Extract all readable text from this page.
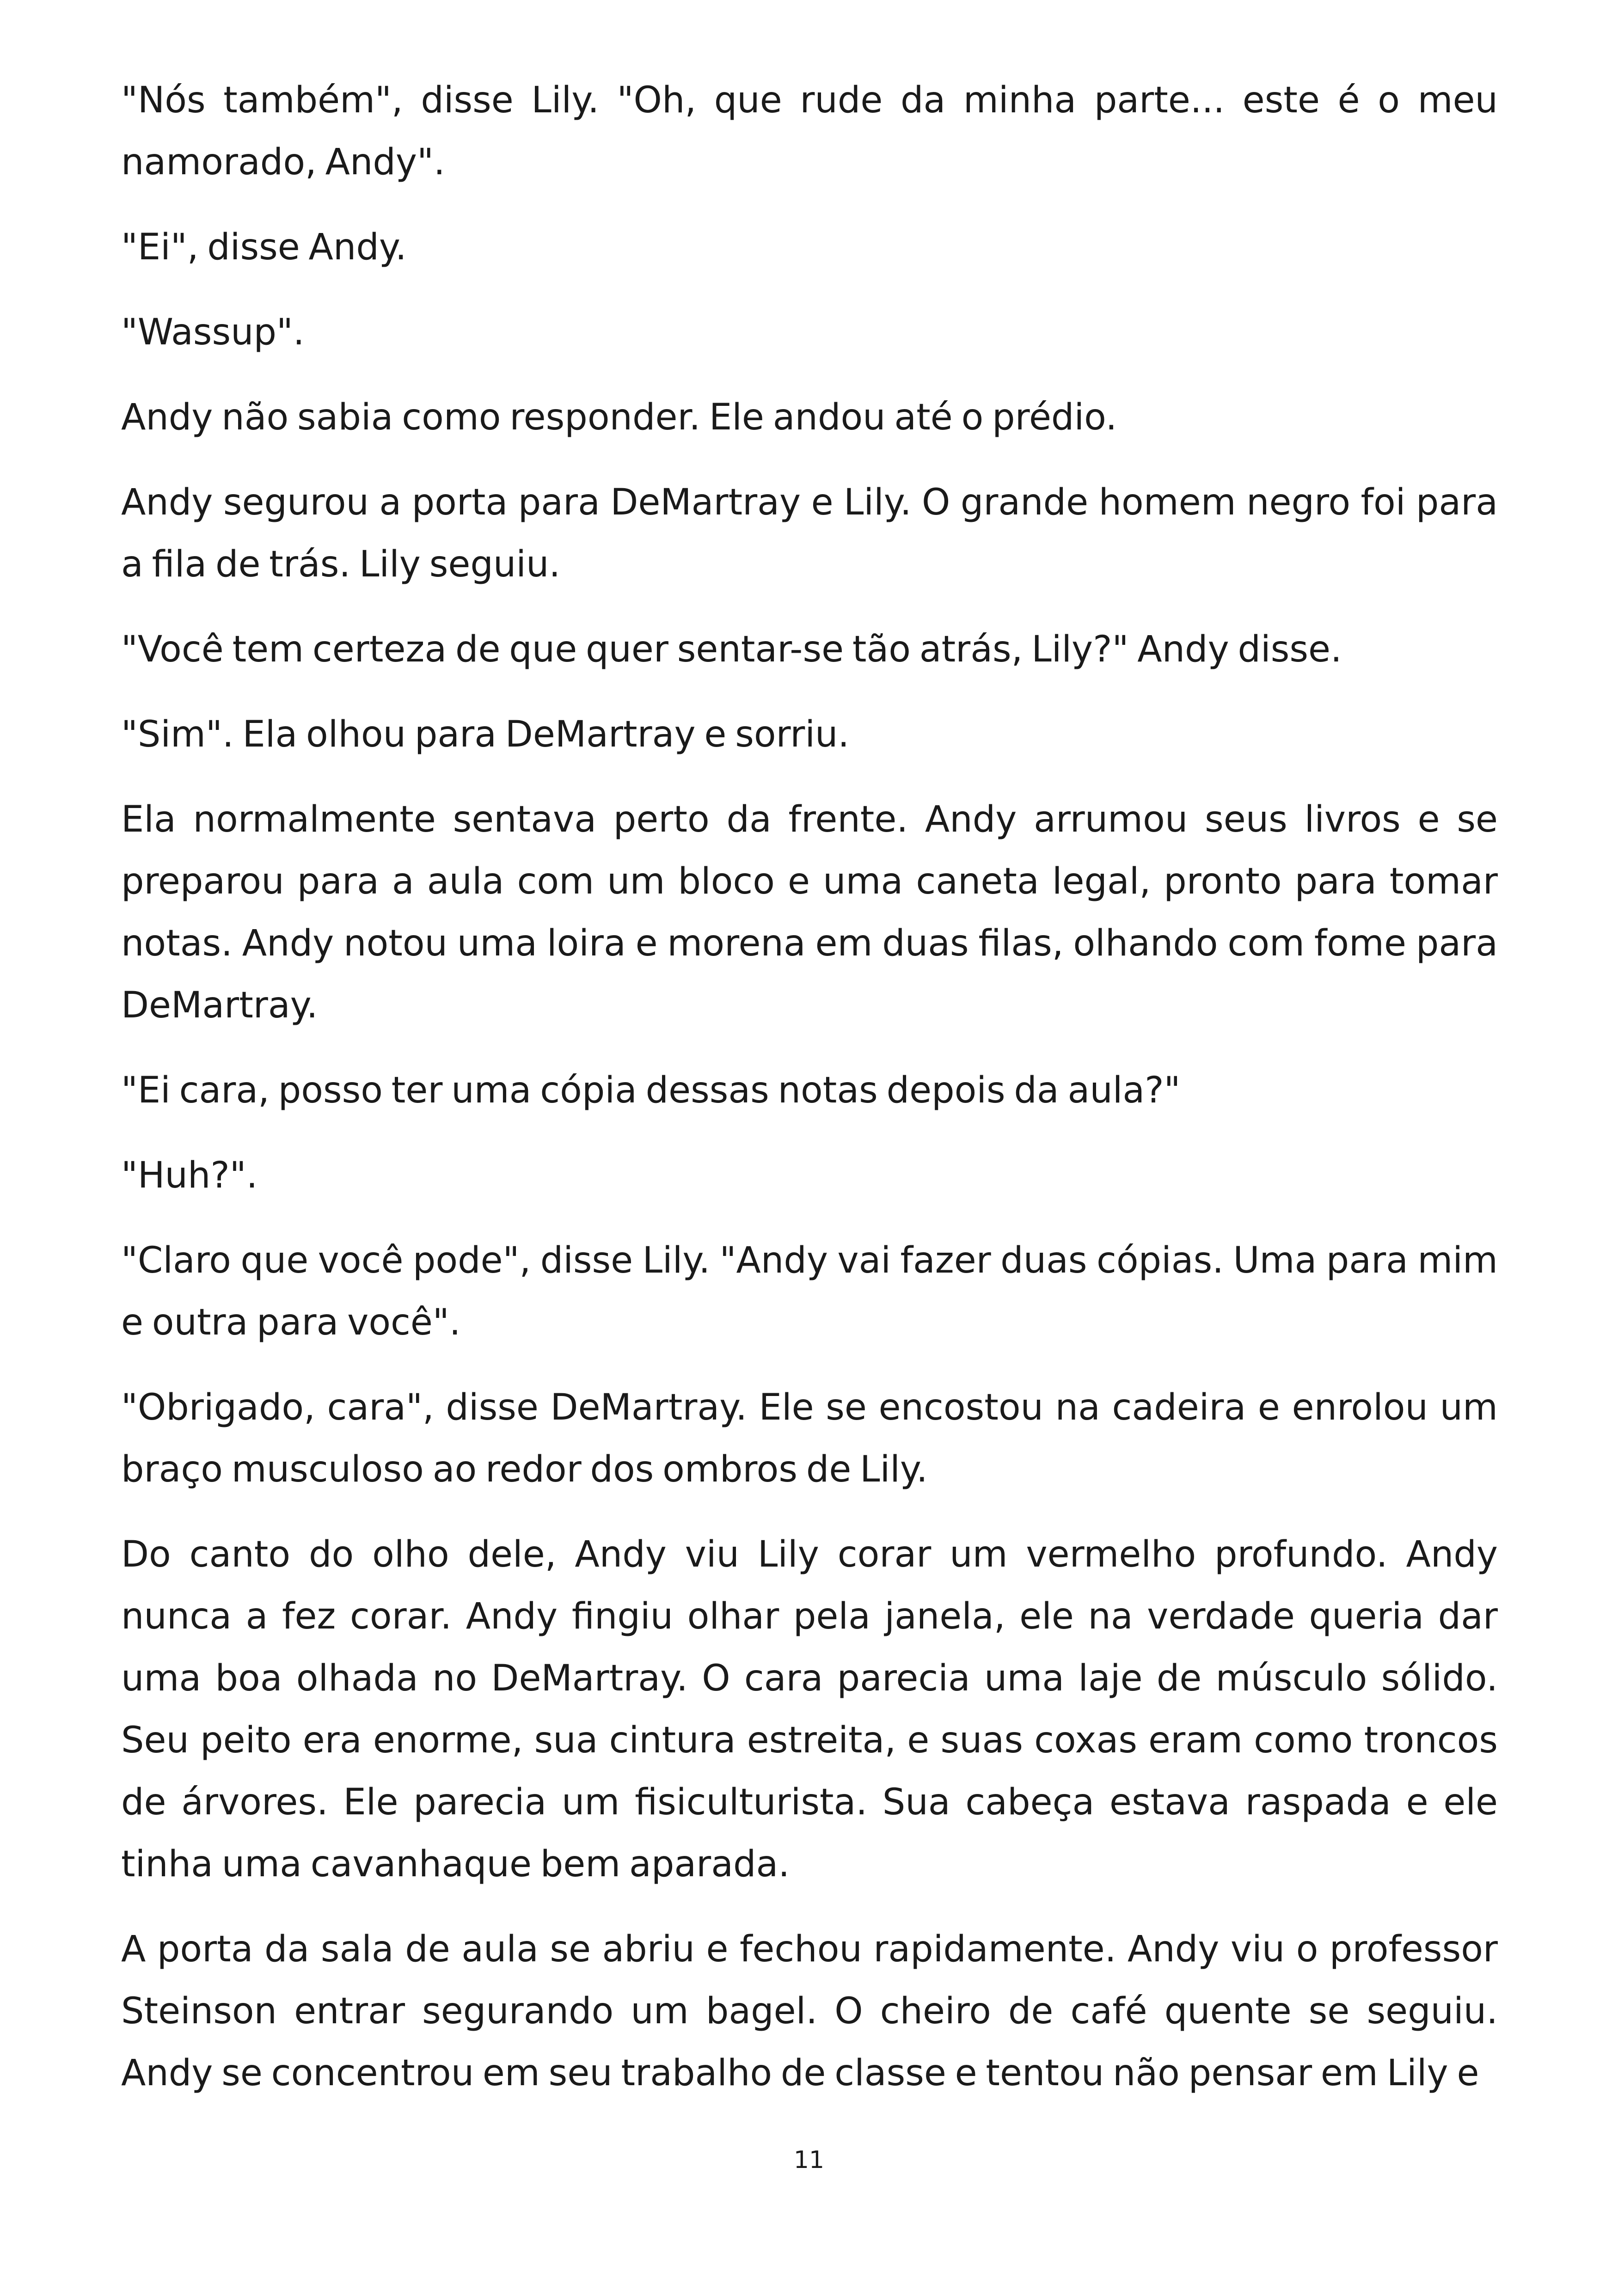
"Nós também", disse Lily. "Oh, que rude da minha parte... este é o meu namorado, Andy".

"Ei", disse Andy.

"Wassup".

Andy não sabia como responder. Ele andou até o prédio.

Andy segurou a porta para DeMartray e Lily. O grande homem negro foi para a fila de trás. Lily seguiu.

"Você tem certeza de que quer sentar-se tão atrás, Lily?" Andy disse.

"Sim". Ela olhou para DeMartray e sorriu.

Ela normalmente sentava perto da frente. Andy arrumou seus livros e se preparou para a aula com um bloco e uma caneta legal, pronto para tomar notas. Andy notou uma loira e morena em duas filas, olhando com fome para DeMartray.

"Ei cara, posso ter uma cópia dessas notas depois da aula?"

"Huh?".

"Claro que você pode", disse Lily. "Andy vai fazer duas cópias. Uma para mim e outra para você".

"Obrigado, cara", disse DeMartray. Ele se encostou na cadeira e enrolou um braço musculoso ao redor dos ombros de Lily.

Do canto do olho dele, Andy viu Lily corar um vermelho profundo. Andy nunca a fez corar. Andy fingiu olhar pela janela, ele na verdade queria dar uma boa olhada no DeMartray. O cara parecia uma laje de músculo sólido. Seu peito era enorme, sua cintura estreita, e suas coxas eram como troncos de árvores. Ele parecia um fisiculturista. Sua cabeça estava raspada e ele tinha uma cavanhaque bem aparada.

A porta da sala de aula se abriu e fechou rapidamente. Andy viu o professor Steinson entrar segurando um bagel. O cheiro de café quente se seguiu. Andy se concentrou em seu trabalho de classe e tentou não pensar em Lily e

11
